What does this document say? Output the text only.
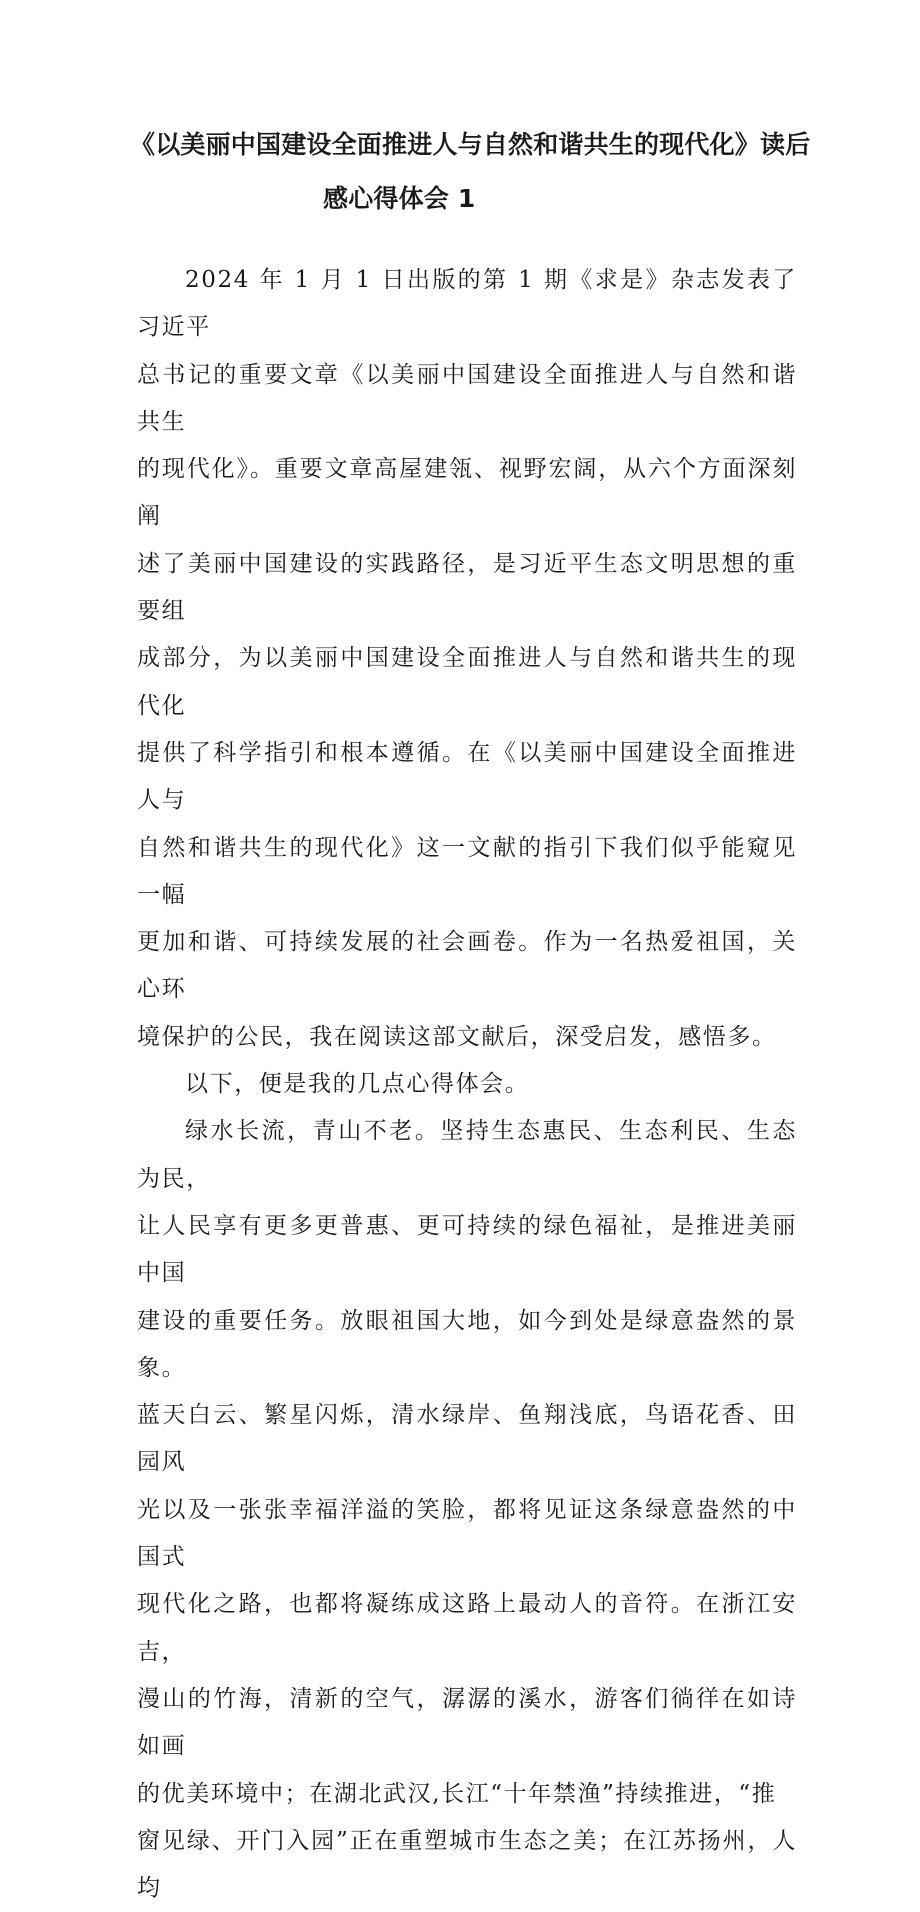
《以美丽中国建设全面推进人与自然和谐共生的现代化》读后
感心得体会 1

2024 年 1 月 1 日出版的第 1 期《求是》杂志发表了习近平
总书记的重要文章《以美丽中国建设全面推进人与自然和谐共生
的现代化》。重要文章高屋建瓴、视野宏阔，从六个方面深刻阐
述了美丽中国建设的实践路径，是习近平生态文明思想的重要组
成部分，为以美丽中国建设全面推进人与自然和谐共生的现代化
提供了科学指引和根本遵循。在《以美丽中国建设全面推进人与
自然和谐共生的现代化》这一文献的指引下我们似乎能窥见一幅
更加和谐、可持续发展的社会画卷。作为一名热爱祖国，关心环
境保护的公民，我在阅读这部文献后，深受启发，感悟多。

以下，便是我的几点心得体会。

绿水长流，青山不老。坚持生态惠民、生态利民、生态为民，
让人民享有更多更普惠、更可持续的绿色福祉，是推进美丽中国
建设的重要任务。放眼祖国大地，如今到处是绿意盎然的景象。
蓝天白云、繁星闪烁，清水绿岸、鱼翔浅底，鸟语花香、田园风
光以及一张张幸福洋溢的笑脸，都将见证这条绿意盎然的中国式
现代化之路，也都将凝练成这路上最动人的音符。在浙江安吉，
漫山的竹海，清新的空气，潺潺的溪水，游客们徜徉在如诗如画
的优美环境中；在湖北武汉,长江“十年禁渔”持续推进，“推
窗见绿、开门入园”正在重塑城市生态之美；在江苏扬州，人均
